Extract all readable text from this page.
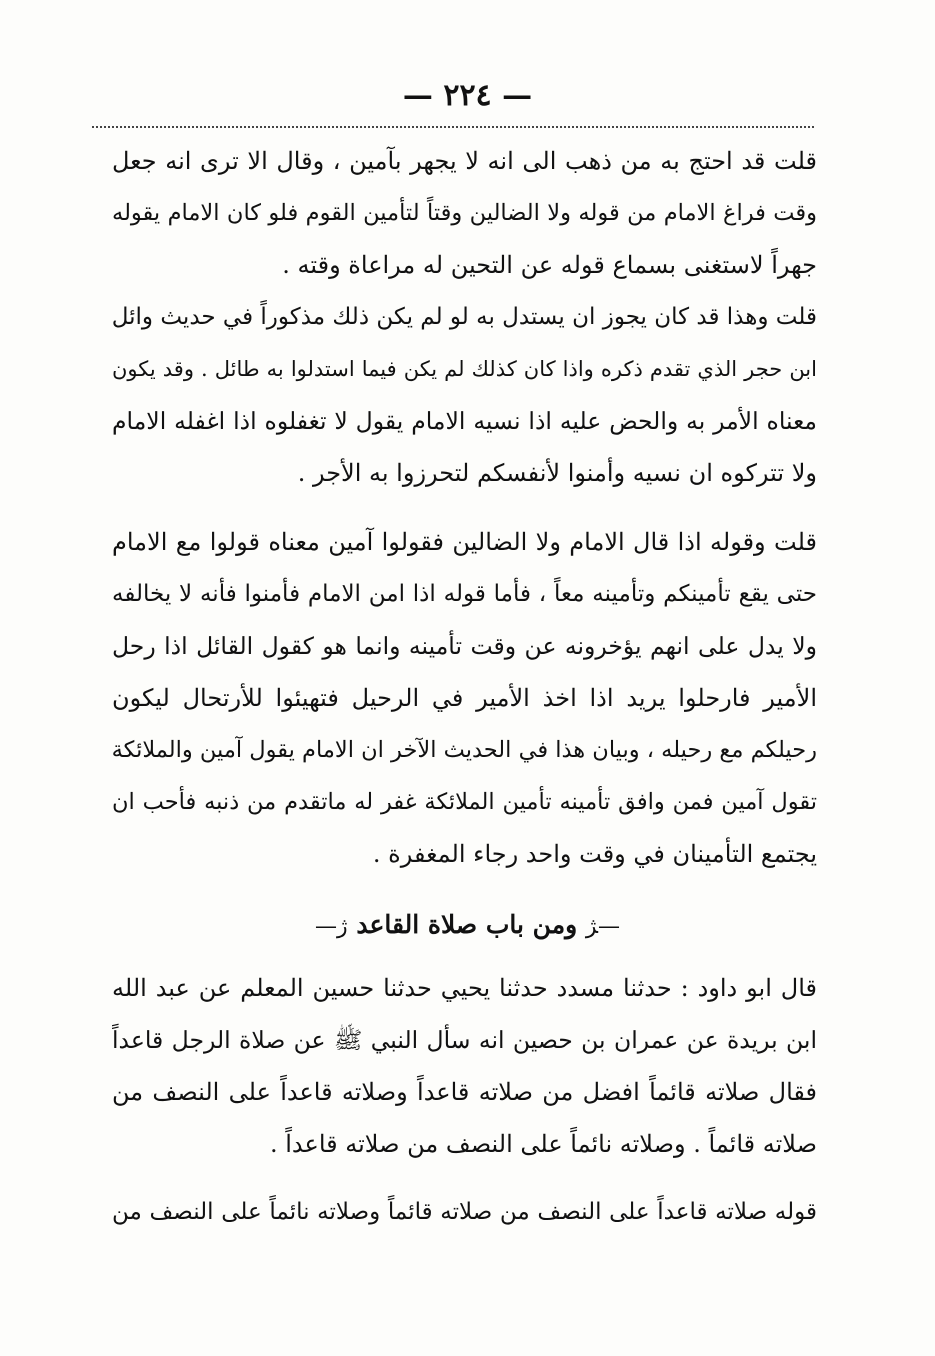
— ٢٢٤ —
قلت قد احتج به من ذهب الى انه لا يجهر بآمين ، وقال الا ترى انه جعل
وقت فراغ الامام من قوله ولا الضالين وقتاً لتأمين القوم فلو كان الامام يقوله
جهراً لاستغنى بسماع قوله عن التحين له مراعاة وقته .
قلت وهذا قد كان يجوز ان يستدل به لو لم يكن ذلك مذكوراً في حديث وائل
ابن حجر الذي تقدم ذكره واذا كان كذلك لم يكن فيما استدلوا به طائل . وقد يكون
معناه الأمر به والحض عليه اذا نسيه الامام يقول لا تغفلوه اذا اغفله الامام
ولا تتركوه ان نسيه وأمنوا لأنفسكم لتحرزوا به الأجر .
قلت وقوله اذا قال الامام ولا الضالين فقولوا آمين معناه قولوا مع الامام
حتى يقع تأمينكم وتأمينه معاً ، فأما قوله اذا امن الامام فأمنوا فأنه لا يخالفه
ولا يدل على انهم يؤخرونه عن وقت تأمينه وانما هو كقول القائل اذا رحل
الأمير فارحلوا يريد اذا اخذ الأمير في الرحيل فتهيئوا للأرتحال ليكون
رحيلكم مع رحيله ، وبيان هذا في الحديث الآخر ان الامام يقول آمين والملائكة
تقول آمين فمن وافق تأمينه تأمين الملائكة غفر له ماتقدم من ذنبه فأحب ان
يجتمع التأمينان في وقت واحد رجاء المغفرة .
—ﮋ ومن باب صلاة القاعد ﮊ—
قال ابو داود : حدثنا مسدد حدثنا يحيي حدثنا حسين المعلم عن عبد الله
ابن بريدة عن عمران بن حصين انه سأل النبي ﷺ عن صلاة الرجل قاعداً
فقال صلاته قائماً افضل من صلاته قاعداً وصلاته قاعداً على النصف من
صلاته قائماً . وصلاته نائماً على النصف من صلاته قاعداً .
قوله صلاته قاعداً على النصف من صلاته قائماً وصلاته نائماً على النصف من
